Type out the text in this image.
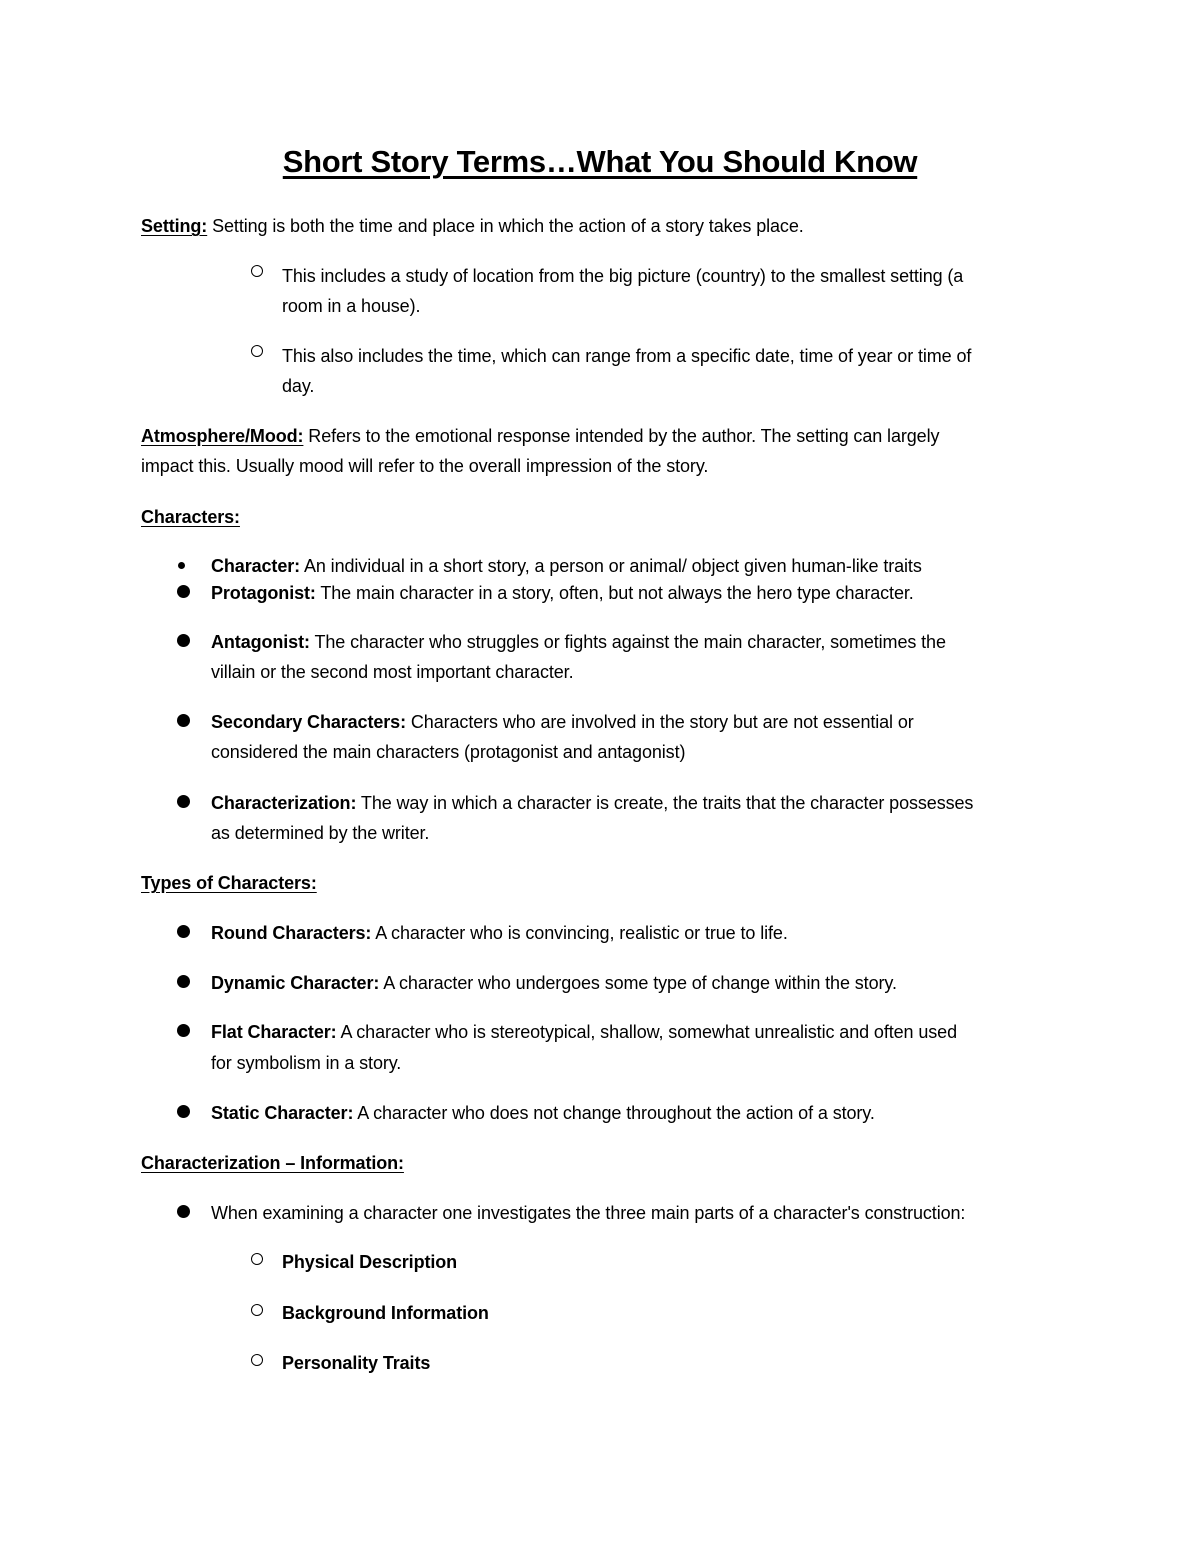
Short Story Terms…What You Should Know
Setting: Setting is both the time and place in which the action of a story takes place.
This includes a study of location from the big picture (country) to the smallest setting (a
room in a house).
This also includes the time, which can range from a specific date, time of year or time of
day.
Atmosphere/Mood: Refers to the emotional response intended by the author. The setting can largely
impact this. Usually mood will refer to the overall impression of the story.
Characters:
Character: An individual in a short story, a person or animal/ object given human-like traits
Protagonist: The main character in a story, often, but not always the hero type character.
Antagonist: The character who struggles or fights against the main character, sometimes the
villain or the second most important character.
Secondary Characters: Characters who are involved in the story but are not essential or
considered the main characters (protagonist and antagonist)
Characterization: The way in which a character is create, the traits that the character possesses
as determined by the writer.
Types of Characters:
Round Characters: A character who is convincing, realistic or true to life.
Dynamic Character: A character who undergoes some type of change within the story.
Flat Character: A character who is stereotypical, shallow, somewhat unrealistic and often used
for symbolism in a story.
Static Character: A character who does not change throughout the action of a story.
Characterization – Information:
When examining a character one investigates the three main parts of a character's construction:
Physical Description
Background Information
Personality Traits
